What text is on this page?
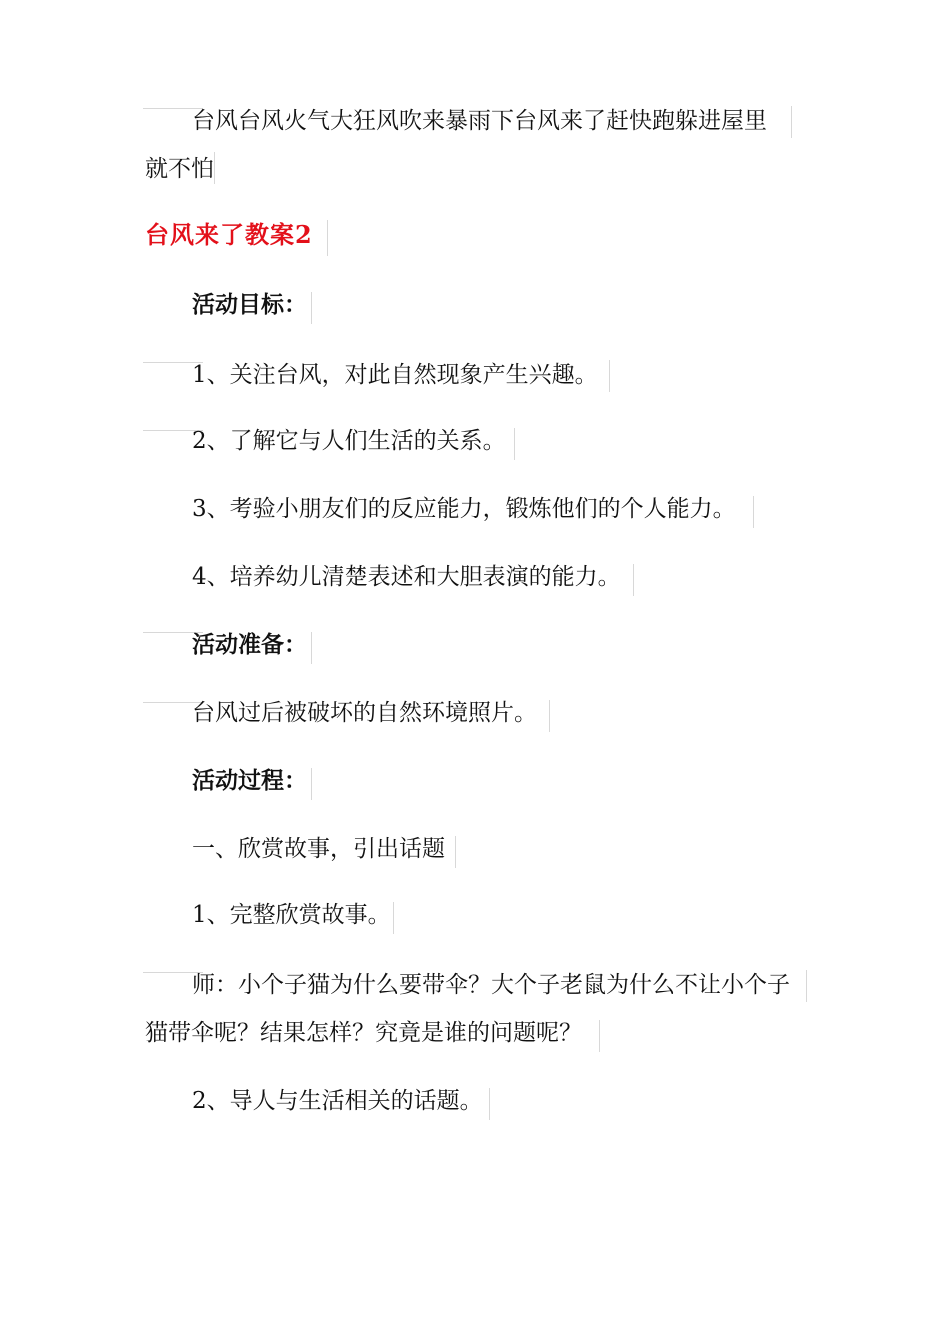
台风台风火气大狂风吹来暴雨下台风来了赶快跑躲进屋里
就不怕
台风来了教案2
活动目标：
1、关注台风，对此自然现象产生兴趣。
2、了解它与人们生活的关系。
3、考验小朋友们的反应能力，锻炼他们的个人能力。
4、培养幼儿清楚表述和大胆表演的能力。
活动准备：
台风过后被破坏的自然环境照片。
活动过程：
一、欣赏故事，引出话题
1、完整欣赏故事。
师：小个子猫为什么要带伞？大个子老鼠为什么不让小个子
猫带伞呢？结果怎样？究竟是谁的问题呢？
2、导人与生活相关的话题。
